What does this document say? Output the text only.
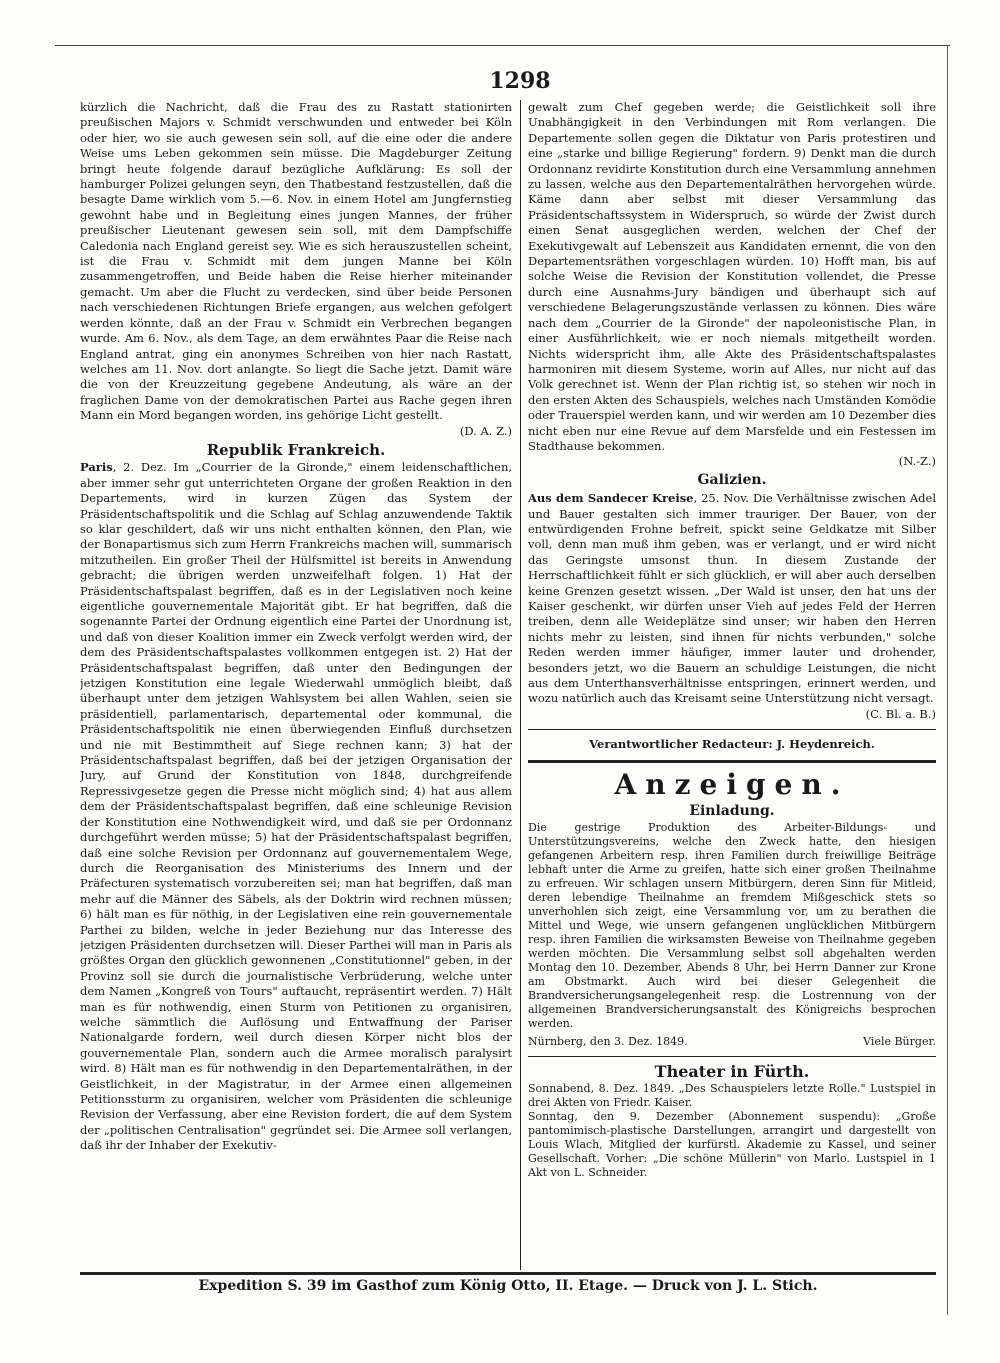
1298

kürzlich die Nachricht, daß die Frau des zu Rastatt stationirten preußischen Majors v. Schmidt verschwunden und entweder bei Köln oder hier, wo sie auch gewesen sein soll, auf die eine oder die andere Weise ums Leben gekommen sein müsse. Die Magdeburger Zeitung bringt heute folgende darauf bezügliche Aufklärung: Es soll der hamburger Polizei gelungen seyn, den Thatbestand festzustellen, daß die besagte Dame wirklich vom 5.—6. Nov. in einem Hotel am Jungfernstieg gewohnt habe und in Begleitung eines jungen Mannes, der früher preußischer Lieutenant gewesen sein soll, mit dem Dampfschiffe Caledonia nach England gereist sey. Wie es sich herauszustellen scheint, ist die Frau v. Schmidt mit dem jungen Manne bei Köln zusammengetroffen, und Beide haben die Reise hierher miteinander gemacht. Um aber die Flucht zu verdecken, sind über beide Personen nach verschiedenen Richtungen Briefe ergangen, aus welchen gefolgert werden könnte, daß an der Frau v. Schmidt ein Verbrechen begangen wurde. Am 6. Nov., als dem Tage, an dem erwähntes Paar die Reise nach England antrat, ging ein anonymes Schreiben von hier nach Rastatt, welches am 11. Nov. dort anlangte. So liegt die Sache jetzt. Damit wäre die von der Kreuzzeitung gegebene Andeutung, als wäre an der fraglichen Dame von der demokratischen Partei aus Rache gegen ihren Mann ein Mord begangen worden, ins gehörige Licht gestellt.

(D. A. Z.)

Republik Frankreich.

Paris, 2. Dez. Im „Courrier de la Gironde," einem leidenschaftlichen, aber immer sehr gut unterrichteten Organe der großen Reaktion in den Departements, wird in kurzen Zügen das System der Präsidentschaftspolitik und die Schlag auf Schlag anzuwendende Taktik so klar geschildert, daß wir uns nicht enthalten können, den Plan, wie der Bonapartismus sich zum Herrn Frankreichs machen will, summarisch mitzutheilen. Ein großer Theil der Hülfsmittel ist bereits in Anwendung gebracht; die übrigen werden unzweifelhaft folgen. 1) Hat der Präsidentschaftspalast begriffen, daß es in der Legislativen noch keine eigentliche gouvernementale Majorität gibt. Er hat begriffen, daß die sogenannte Partei der Ordnung eigentlich eine Partei der Unordnung ist, und daß von dieser Koalition immer ein Zweck verfolgt werden wird, der dem des Präsidentschaftspalastes vollkommen entgegen ist. 2) Hat der Präsidentschaftspalast begriffen, daß unter den Bedingungen der jetzigen Konstitution eine legale Wiederwahl unmöglich bleibt, daß überhaupt unter dem jetzigen Wahlsystem bei allen Wahlen, seien sie präsidentiell, parlamentarisch, departemental oder kommunal, die Präsidentschaftspolitik nie einen überwiegenden Einfluß durchsetzen und nie mit Bestimmtheit auf Siege rechnen kann; 3) hat der Präsidentschaftspalast begriffen, daß bei der jetzigen Organisation der Jury, auf Grund der Konstitution von 1848, durchgreifende Repressivgesetze gegen die Presse nicht möglich sind; 4) hat aus allem dem der Präsidentschaftspalast begriffen, daß eine schleunige Revision der Konstitution eine Nothwendigkeit wird, und daß sie per Ordonnanz durchgeführt werden müsse; 5) hat der Präsidentschaftspalast begriffen, daß eine solche Revision per Ordonnanz auf gouvernementalem Wege, durch die Reorganisation des Ministeriums des Innern und der Präfecturen systematisch vorzubereiten sei; man hat begriffen, daß man mehr auf die Männer des Säbels, als der Doktrin wird rechnen müssen; 6) hält man es für nöthig, in der Legislativen eine rein gouvernementale Parthei zu bilden, welche in jeder Beziehung nur das Interesse des jetzigen Präsidenten durchsetzen will. Dieser Parthei will man in Paris als größtes Organ den glücklich gewonnenen „Constitutionnel" geben, in der Provinz soll sie durch die journalistische Verbrüderung, welche unter dem Namen „Kongreß von Tours" auftaucht, repräsentirt werden. 7) Hält man es für nothwendig, einen Sturm von Petitionen zu organisiren, welche sämmtlich die Auflösung und Entwaffnung der Pariser Nationalgarde fordern, weil durch diesen Körper nicht blos der gouvernementale Plan, sondern auch die Armee moralisch paralysirt wird. 8) Hält man es für nothwendig in den Departementalräthen, in der Geistlichkeit, in der Magistratur, in der Armee einen allgemeinen Petitionssturm zu organisiren, welcher vom Präsidenten die schleunige Revision der Verfassung, aber eine Revision fordert, die auf dem System der „politischen Centralisation" gegründet sei. Die Armee soll verlangen, daß ihr der Inhaber der Exekutiv-

gewalt zum Chef gegeben werde; die Geistlichkeit soll ihre Unabhängigkeit in den Verbindungen mit Rom verlangen. Die Departemente sollen gegen die Diktatur von Paris protestiren und eine „starke und billige Regierung" fordern. 9) Denkt man die durch Ordonnanz revidirte Konstitution durch eine Versammlung annehmen zu lassen, welche aus den Departementalräthen hervorgehen würde. Käme dann aber selbst mit dieser Versammlung das Präsidentschaftssystem in Widerspruch, so würde der Zwist durch einen Senat ausgeglichen werden, welchen der Chef der Exekutivgewalt auf Lebenszeit aus Kandidaten ernennt, die von den Departementsräthen vorgeschlagen würden. 10) Hofft man, bis auf solche Weise die Revision der Konstitution vollendet, die Presse durch eine Ausnahms-Jury bändigen und überhaupt sich auf verschiedene Belagerungszustände verlassen zu können. Dies wäre nach dem „Courrier de la Gironde" der napoleonistische Plan, in einer Ausführlichkeit, wie er noch niemals mitgetheilt worden. Nichts widerspricht ihm, alle Akte des Präsidentschaftspalastes harmoniren mit diesem Systeme, worin auf Alles, nur nicht auf das Volk gerechnet ist. Wenn der Plan richtig ist, so stehen wir noch in den ersten Akten des Schauspiels, welches nach Umständen Komödie oder Trauerspiel werden kann, und wir werden am 10 Dezember dies nicht eben nur eine Revue auf dem Marsfelde und ein Festessen im Stadthause bekommen.

(N.-Z.)

Galizien.

Aus dem Sandecer Kreise, 25. Nov. Die Verhältnisse zwischen Adel und Bauer gestalten sich immer trauriger. Der Bauer, von der entwürdigenden Frohne befreit, spickt seine Geldkatze mit Silber voll, denn man muß ihm geben, was er verlangt, und er wird nicht das Geringste umsonst thun. In diesem Zustande der Herrschaftlichkeit fühlt er sich glücklich, er will aber auch derselben keine Grenzen gesetzt wissen. „Der Wald ist unser, den hat uns der Kaiser geschenkt, wir dürfen unser Vieh auf jedes Feld der Herren treiben, denn alle Weideplätze sind unser; wir haben den Herren nichts mehr zu leisten, sind ihnen für nichts verbunden," solche Reden werden immer häufiger, immer lauter und drohender, besonders jetzt, wo die Bauern an schuldige Leistungen, die nicht aus dem Unterthansverhältnisse entspringen, erinnert werden, und wozu natürlich auch das Kreisamt seine Unterstützung nicht versagt.

(C. Bl. a. B.)

Verantwortlicher Redacteur: J. Heydenreich.
Anzeigen.
Einladung.

Die gestrige Produktion des Arbeiter-Bildungs- und Unterstützungsvereins, welche den Zweck hatte, den hiesigen gefangenen Arbeitern resp. ihren Familien durch freiwillige Beiträge lebhaft unter die Arme zu greifen, hatte sich einer großen Theilnahme zu erfreuen. Wir schlagen unsern Mitbürgern, deren Sinn für Mitleid, deren lebendige Theilnahme an fremdem Mißgeschick stets so unverhohlen sich zeigt, eine Versammlung vor, um zu berathen die Mittel und Wege, wie unsern gefangenen unglücklichen Mitbürgern resp. ihren Familien die wirksamsten Beweise von Theilnahme gegeben werden möchten. Die Versammlung selbst soll abgehalten werden Montag den 10. Dezember, Abends 8 Uhr, bei Herrn Danner zur Krone am Obstmarkt. Auch wird bei dieser Gelegenheit die Brandversicherungsangelegenheit resp. die Lostrennung von der allgemeinen Brandversicherungsanstalt des Königreichs besprochen werden.

Nürnberg, den 3. Dez. 1849.	Viele Bürger.
Theater in Fürth.

Sonnabend, 8. Dez. 1849. „Des Schauspielers letzte Rolle." Lustspiel in drei Akten von Friedr. Kaiser.

Sonntag, den 9. Dezember (Abonnement suspendu): „Große pantomimisch-plastische Darstellungen, arrangirt und dargestellt von Louis Wlach, Mitglied der kurfürstl. Akademie zu Kassel, und seiner Gesellschaft. Vorher: „Die schöne Müllerin" von Marlo. Lustspiel in 1 Akt von L. Schneider.

Expedition S. 39 im Gasthof zum König Otto, II. Etage. — Druck von J. L. Stich.
